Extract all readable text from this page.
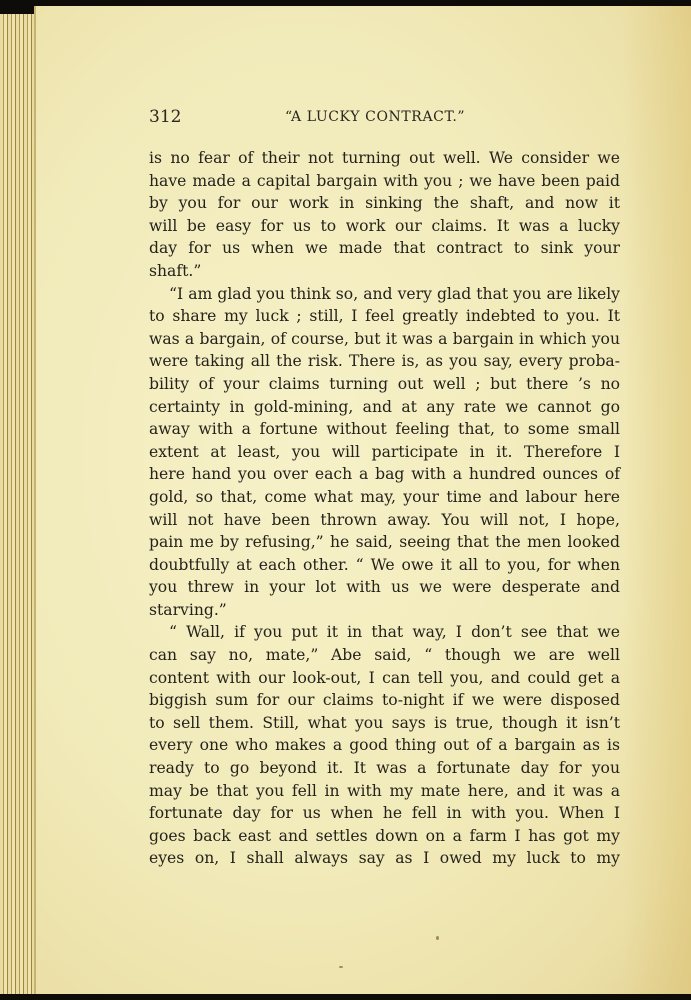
312	“A LUCKY CONTRACT.”
is no fear of their not turning out well. We consider we
have made a capital bargain with you ; we have been paid
by you for our work in sinking the shaft, and now it
will be easy for us to work our claims. It was a lucky
day for us when we made that contract to sink your
shaft.”
“I am glad you think so, and very glad that you are likely
to share my luck ; still, I feel greatly indebted to you. It
was a bargain, of course, but it was a bargain in which you
were taking all the risk. There is, as you say, every proba-
bility of your claims turning out well ; but there ’s no
certainty in gold-mining, and at any rate we cannot go
away with a fortune without feeling that, to some small
extent at least, you will participate in it. Therefore I
here hand you over each a bag with a hundred ounces of
gold, so that, come what may, your time and labour here
will not have been thrown away. You will not, I hope,
pain me by refusing,” he said, seeing that the men looked
doubtfully at each other. “ We owe it all to you, for when
you threw in your lot with us we were desperate and
starving.”
“ Wall, if you put it in that way, I don’t see that we
can say no, mate,” Abe said, “ though we are well
content with our look-out, I can tell you, and could get a
biggish sum for our claims to-night if we were disposed
to sell them. Still, what you says is true, though it isn’t
every one who makes a good thing out of a bargain as is
ready to go beyond it. It was a fortunate day for you
may be that you fell in with my mate here, and it was a
fortunate day for us when he fell in with you. When I
goes back east and settles down on a farm I has got my
eyes on, I shall always say as I owed my luck to my
